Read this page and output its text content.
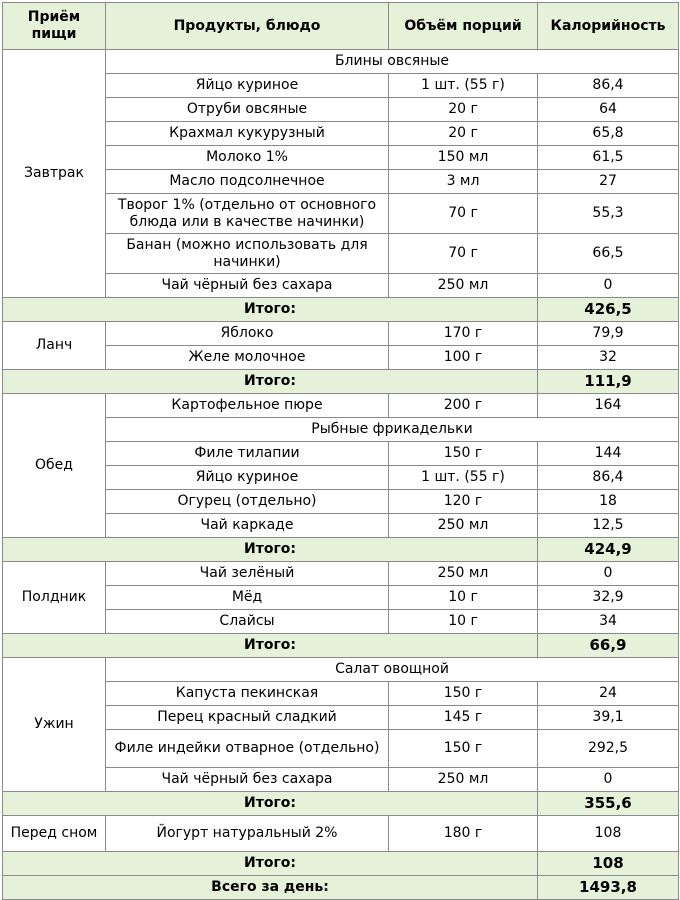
Приём пищи	Продукты, блюдо	Объём порций	Калорийность
Завтрак	Блины овсяные		
	Яйцо куриное	1 шт. (55 г)	86,4
	Отруби овсяные	20 г	64
	Крахмал кукурузный	20 г	65,8
	Молоко 1%	150 мл	61,5
	Масло подсолнечное	3 мл	27
	Творог 1% (отдельно от основного блюда или в качестве начинки)	70 г	55,3
	Банан (можно использовать для начинки)	70 г	66,5
	Чай чёрный без сахара	250 мл	0
Итого:			426,5
Ланч	Яблоко	170 г	79,9
	Желе молочное	100 г	32
Итого:			111,9
Обед	Картофельное пюре	200 г	164
	Рыбные фрикадельки		
	Филе тилапии	150 г	144
	Яйцо куриное	1 шт. (55 г)	86,4
	Огурец (отдельно)	120 г	18
	Чай каркаде	250 мл	12,5
Итого:			424,9
Полдник	Чай зелёный	250 мл	0
	Мёд	10 г	32,9
	Слайсы	10 г	34
Итого:			66,9
Ужин	Салат овощной		
	Капуста пекинская	150 г	24
	Перец красный сладкий	145 г	39,1
	Филе индейки отварное (отдельно)	150 г	292,5
	Чай чёрный без сахара	250 мл	0
Итого:			355,6
Перед сном	Йогурт натуральный 2%	180 г	108
Итого:			108
Всего за день:			1493,8
